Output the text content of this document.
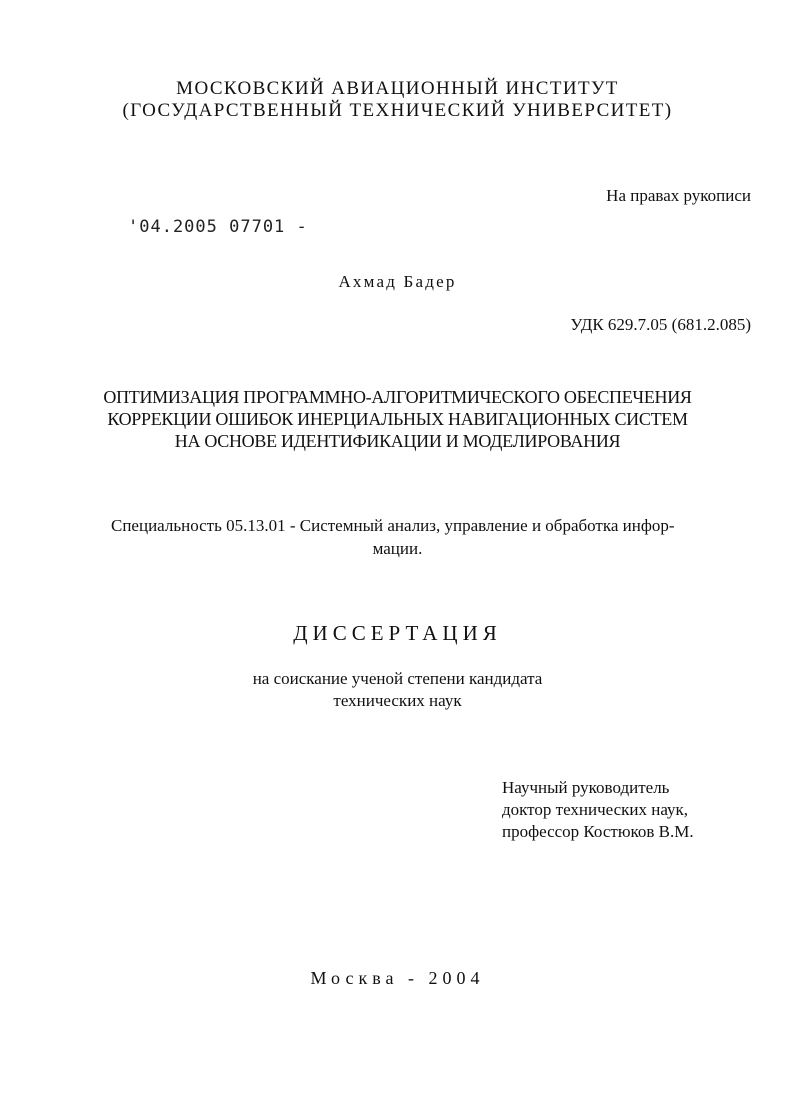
МОСКОВСКИЙ АВИАЦИОННЫЙ ИНСТИТУТ
(ГОСУДАРСТВЕННЫЙ ТЕХНИЧЕСКИЙ УНИВЕРСИТЕТ)
На правах рукописи
'04.2005 07701 -
Ахмад Бадер
УДК 629.7.05 (681.2.085)
ОПТИМИЗАЦИЯ ПРОГРАММНО-АЛГОРИТМИЧЕСКОГО ОБЕСПЕЧЕНИЯ
КОРРЕКЦИИ ОШИБОК ИНЕРЦИАЛЬНЫХ НАВИГАЦИОННЫХ СИСТЕМ
НА ОСНОВЕ ИДЕНТИФИКАЦИИ И МОДЕЛИРОВАНИЯ
Специальность 05.13.01 - Системный анализ, управление и обработка инфор-
мации.
ДИССЕРТАЦИЯ
на соискание ученой степени кандидата
технических наук
Научный руководитель
доктор технических наук,
профессор Костюков В.М.
Москва - 2004
